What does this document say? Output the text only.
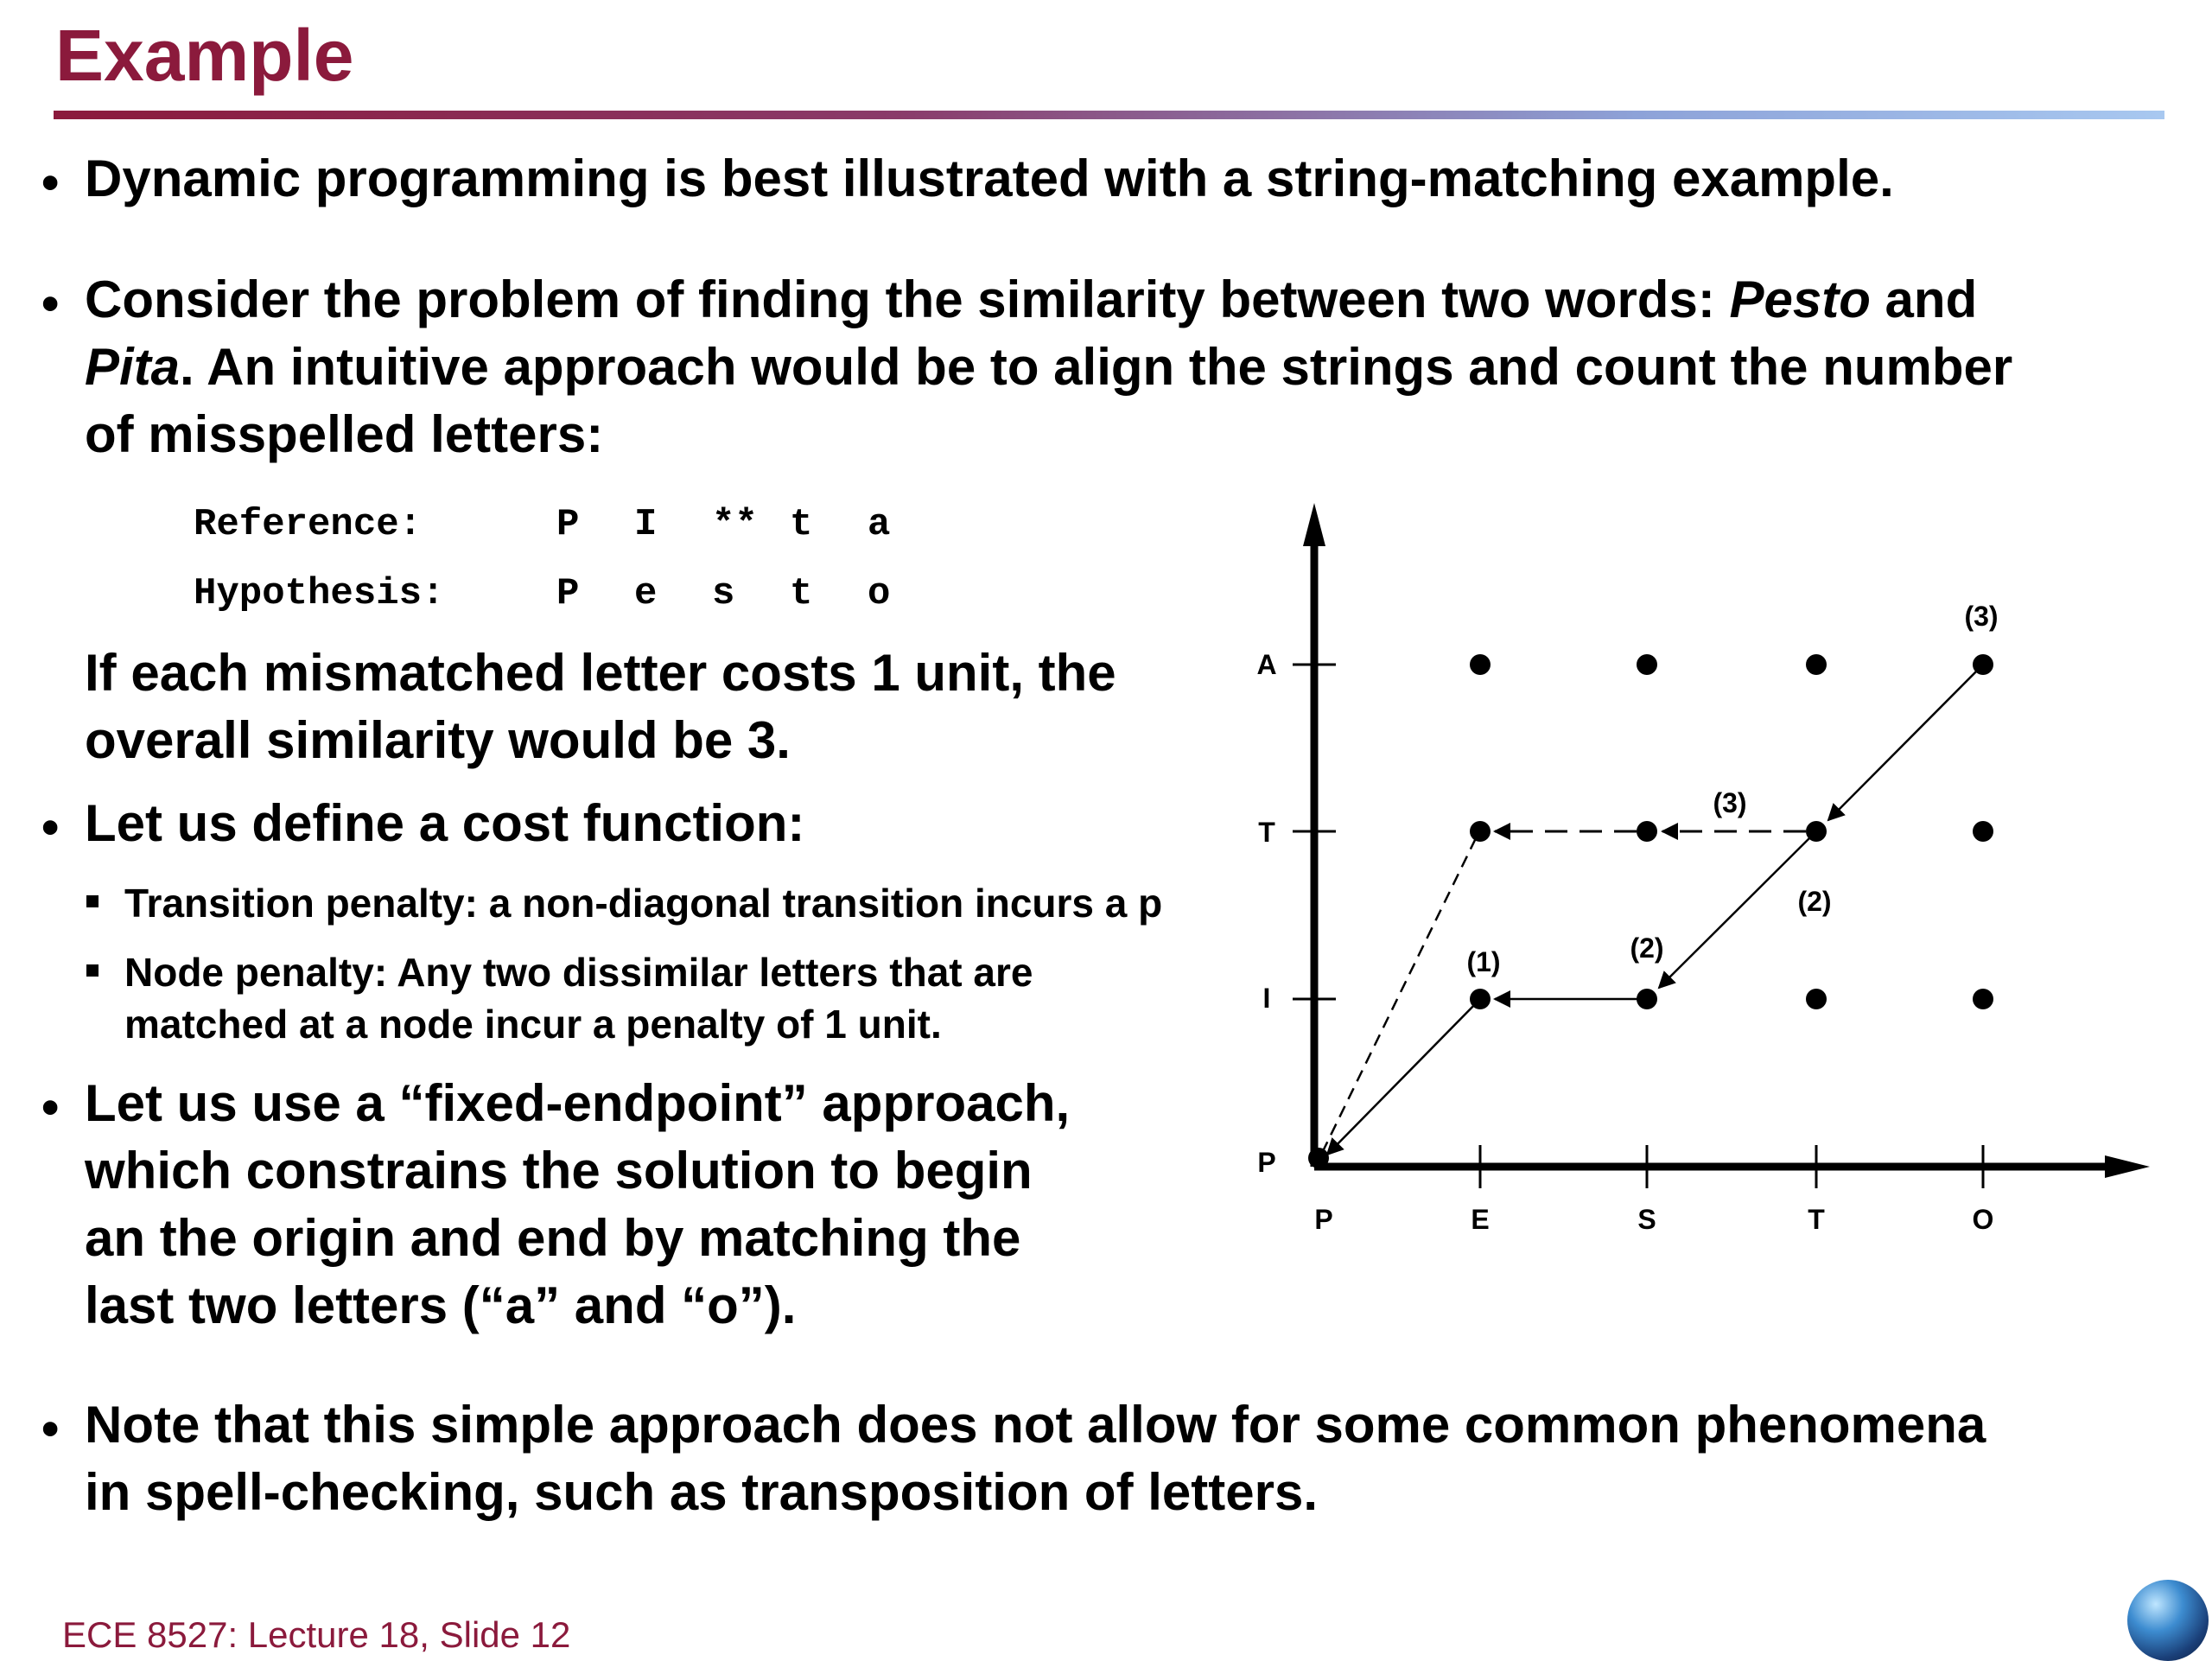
Example
• Dynamic programming is best illustrated with a string-matching example.
• Consider the problem of finding the similarity between two words: Pesto and
Pita. An intuitive approach would be to align the strings and count the number
of misspelled letters:
Reference:	P I ** t a
Hypothesis:	P e s t o
If each mismatched letter costs 1 unit, the
overall similarity would be 3.
• Let us define a cost function:
Transition penalty: a non-diagonal transition incurs a p
Node penalty: Any two dissimilar letters that are
matched at a node incur a penalty of 1 unit.
• Let us use a “fixed-endpoint” approach,
which constrains the solution to begin
an the origin and end by matching the
last two letters (“a” and “o”).
• Note that this simple approach does not allow for some common phenomena
in spell-checking, such as transposition of letters.
P	E	S	T	O
P
I
T
A
(1)	(2)
(2)
(3)
(3)
ECE 8527: Lecture 18, Slide 12
